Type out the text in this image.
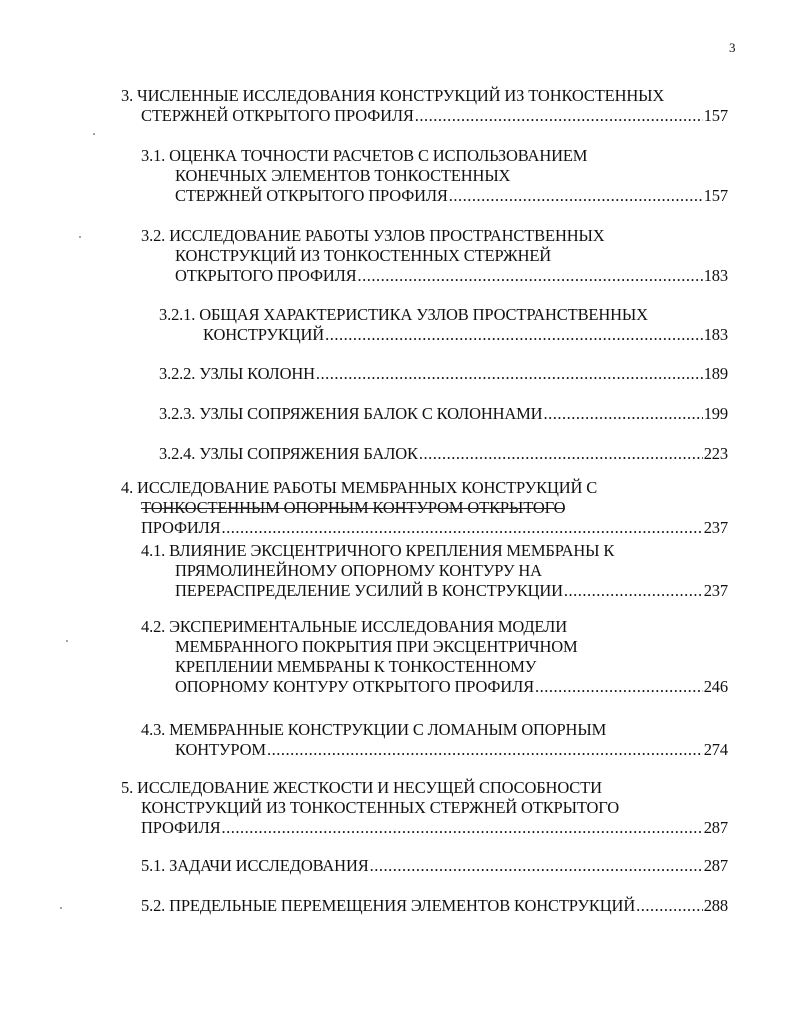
3
3. ЧИСЛЕННЫЕ ИССЛЕДОВАНИЯ КОНСТРУКЦИЙ ИЗ ТОНКОСТЕННЫХ
СТЕРЖНЕЙ ОТКРЫТОГО ПРОФИЛЯ .....	157
3.1. ОЦЕНКА ТОЧНОСТИ РАСЧЕТОВ С ИСПОЛЬЗОВАНИЕМ
КОНЕЧНЫХ ЭЛЕМЕНТОВ ТОНКОСТЕННЫХ
СТЕРЖНЕЙ ОТКРЫТОГО ПРОФИЛЯ .....	157
3.2. ИССЛЕДОВАНИЕ РАБОТЫ УЗЛОВ ПРОСТРАНСТВЕННЫХ
КОНСТРУКЦИЙ ИЗ ТОНКОСТЕННЫХ СТЕРЖНЕЙ
ОТКРЫТОГО ПРОФИЛЯ .....	183
3.2.1. ОБЩАЯ ХАРАКТЕРИСТИКА УЗЛОВ ПРОСТРАНСТВЕННЫХ
КОНСТРУКЦИЙ .....	183
3.2.2. УЗЛЫ КОЛОНН .....	189
3.2.3. УЗЛЫ СОПРЯЖЕНИЯ БАЛОК С КОЛОННАМИ .....	199
3.2.4. УЗЛЫ СОПРЯЖЕНИЯ БАЛОК .....	223
4. ИССЛЕДОВАНИЕ РАБОТЫ МЕМБРАННЫХ КОНСТРУКЦИЙ С
ТОНКОСТЕННЫМ ОПОРНЫМ КОНТУРОМ ОТКРЫТОГО
ПРОФИЛЯ .....	237
4.1. ВЛИЯНИЕ ЭКСЦЕНТРИЧНОГО КРЕПЛЕНИЯ МЕМБРАНЫ К
ПРЯМОЛИНЕЙНОМУ ОПОРНОМУ КОНТУРУ НА
ПЕРЕРАСПРЕДЕЛЕНИЕ УСИЛИЙ В КОНСТРУКЦИИ .....	237
4.2. ЭКСПЕРИМЕНТАЛЬНЫЕ ИССЛЕДОВАНИЯ МОДЕЛИ
МЕМБРАННОГО ПОКРЫТИЯ ПРИ ЭКСЦЕНТРИЧНОМ
КРЕПЛЕНИИ МЕМБРАНЫ К ТОНКОСТЕННОМУ
ОПОРНОМУ КОНТУРУ ОТКРЫТОГО ПРОФИЛЯ .....	246
4.3. МЕМБРАННЫЕ КОНСТРУКЦИИ С ЛОМАНЫМ ОПОРНЫМ
КОНТУРОМ .....	274
5. ИССЛЕДОВАНИЕ ЖЕСТКОСТИ И НЕСУЩЕЙ СПОСОБНОСТИ
КОНСТРУКЦИЙ ИЗ ТОНКОСТЕННЫХ СТЕРЖНЕЙ ОТКРЫТОГО
ПРОФИЛЯ .....	287
5.1. ЗАДАЧИ ИССЛЕДОВАНИЯ .....	287
5.2. ПРЕДЕЛЬНЫЕ ПЕРЕМЕЩЕНИЯ ЭЛЕМЕНТОВ КОНСТРУКЦИЙ .....	288
